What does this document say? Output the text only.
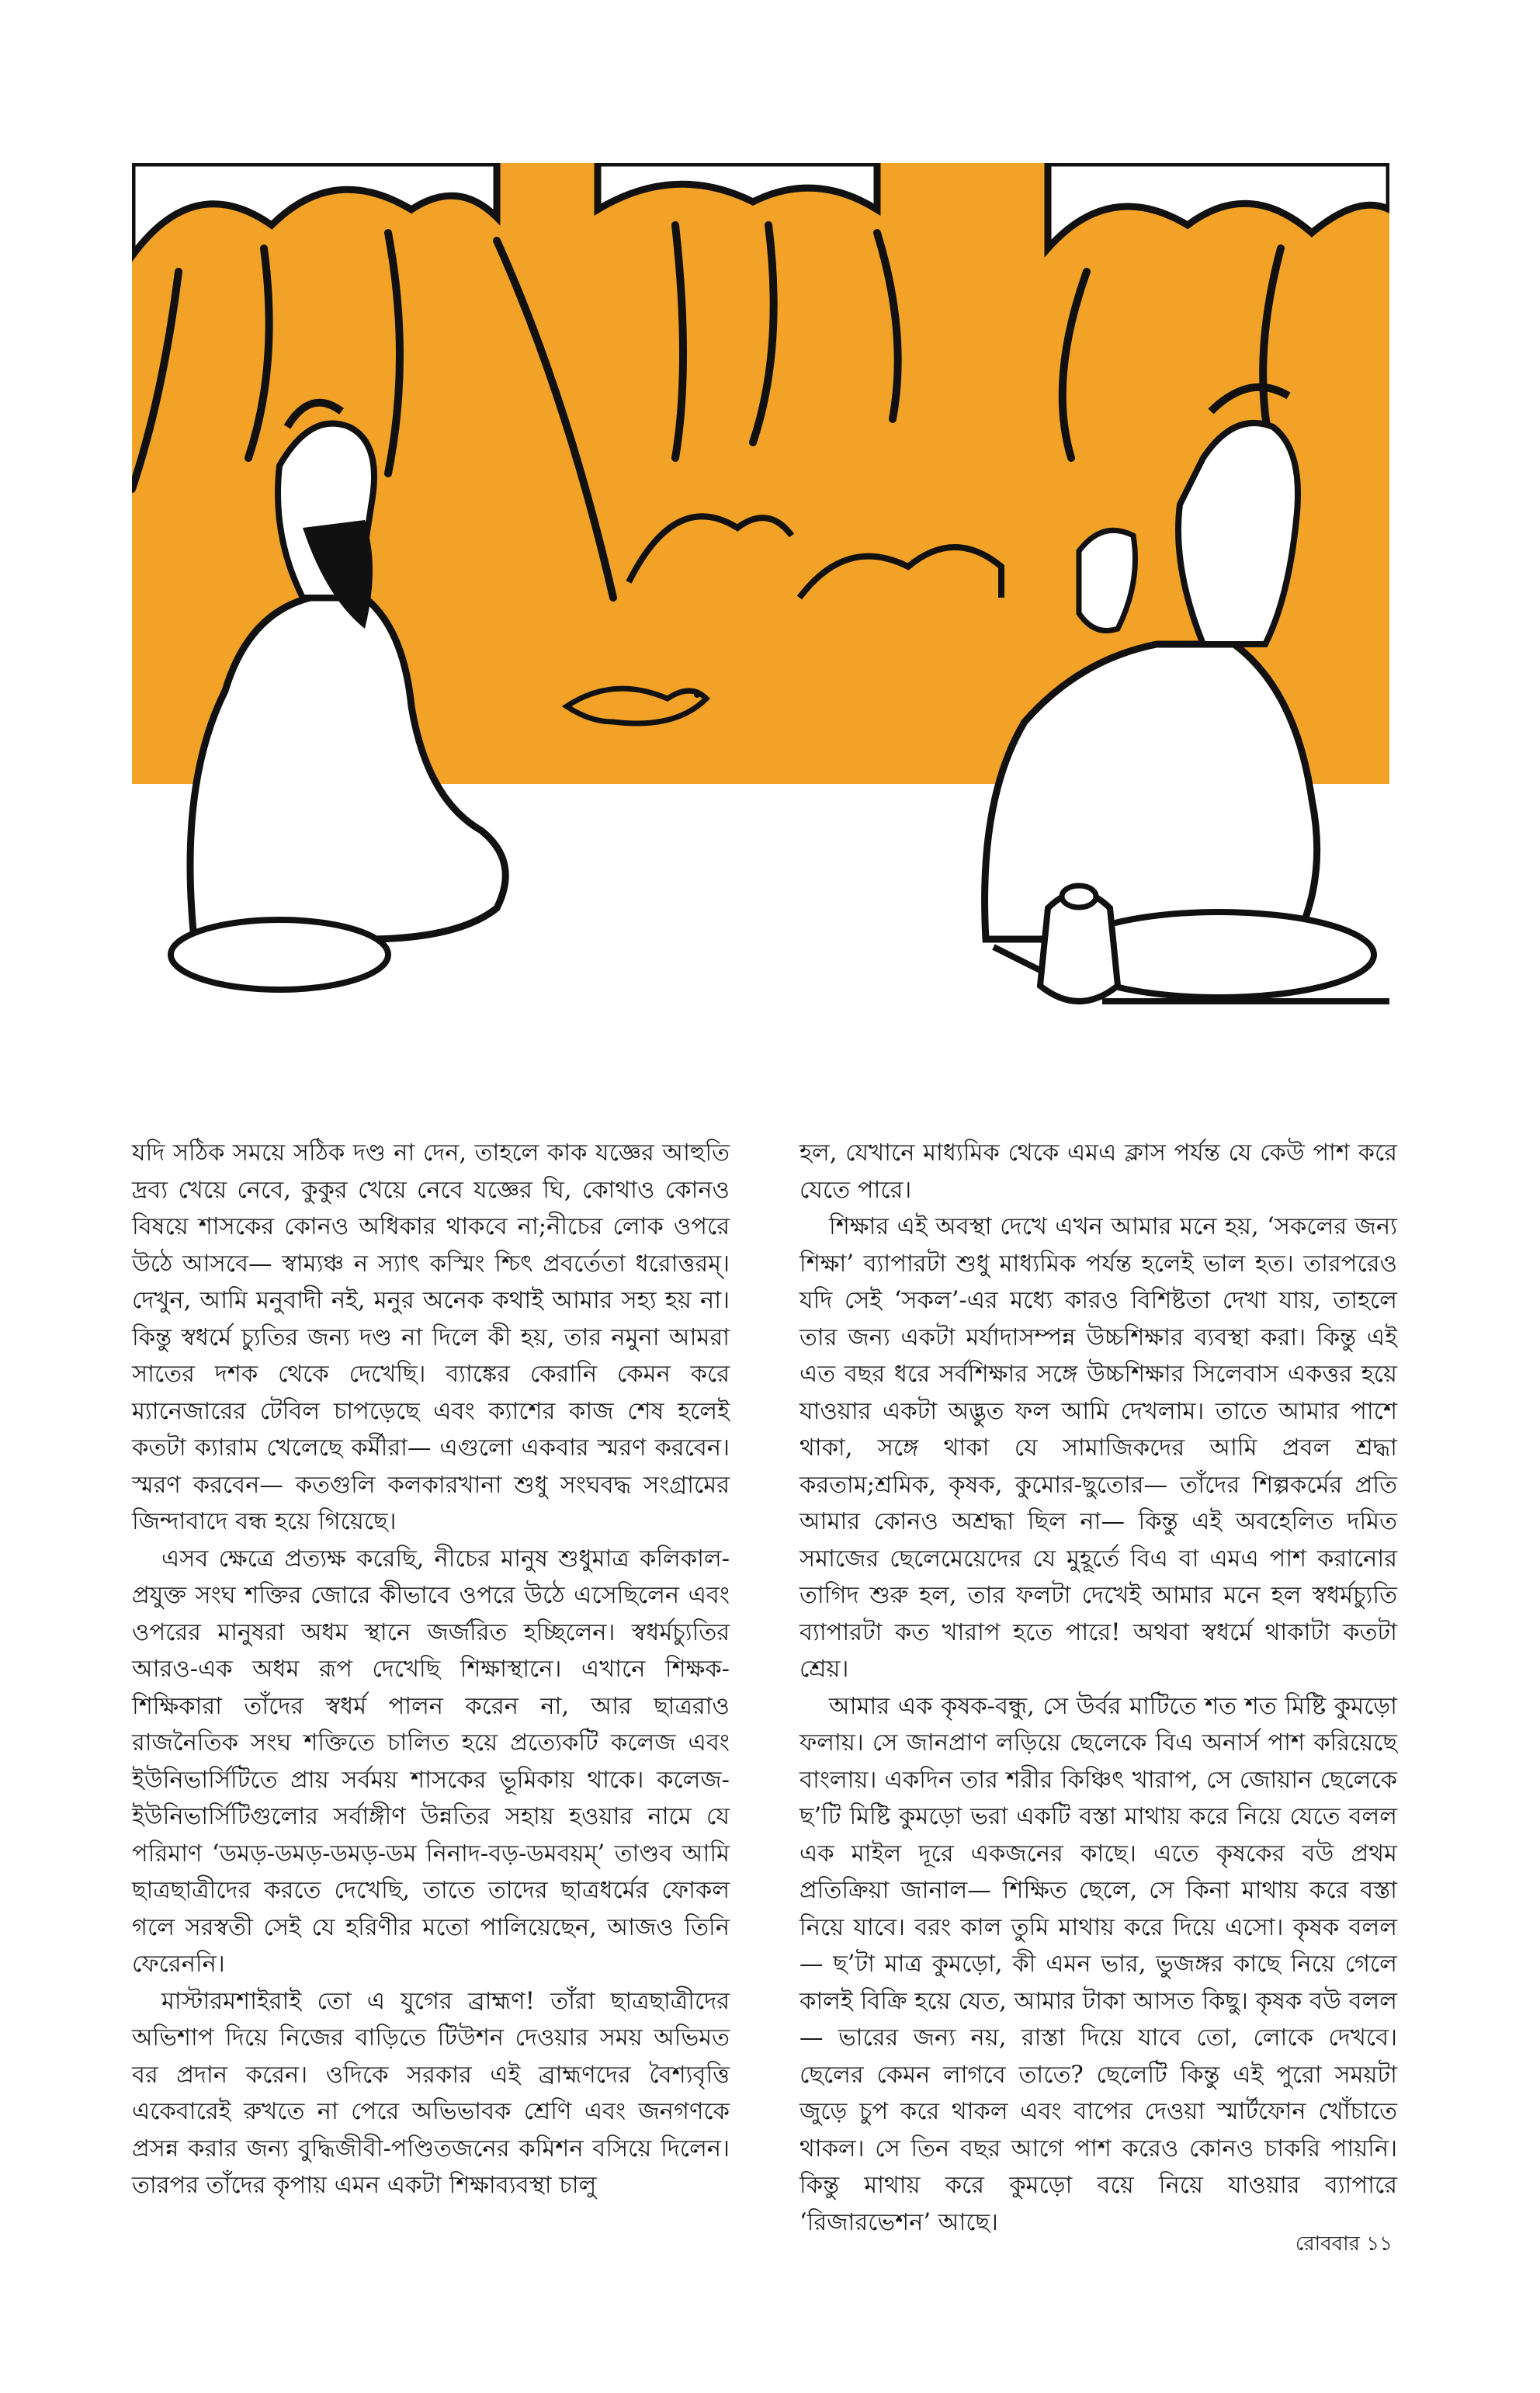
যদি সঠিক সময়ে সঠিক দণ্ড না দেন, তাহলে কাক যজ্ঞের আহুতি দ্রব্য খেয়ে নেবে, কুকুর খেয়ে নেবে যজ্ঞের ঘি, কোথাও কোনও বিষয়ে শাসকের কোনও অধিকার থাকবে না;নীচের লোক ওপরে উঠে আসবে— স্বাম্যঞ্চ ন স্যাৎ কস্মিং শ্চিৎ প্রবর্তেতা ধরোত্তরম্। দেখুন, আমি মনুবাদী নই, মনুর অনেক কথাই আমার সহ্য হয় না। কিন্তু স্বধর্মে চ্যুতির জন্য দণ্ড না দিলে কী হয়, তার নমুনা আমরা সাতের দশক থেকে দেখেছি। ব্যাঙ্কের কেরানি কেমন করে ম্যানেজারের টেবিল চাপড়েছে এবং ক্যাশের কাজ শেষ হলেই কতটা ক্যারাম খেলেছে কর্মীরা— এগুলো একবার স্মরণ করবেন। স্মরণ করবেন— কতগুলি কলকারখানা শুধু সংঘবদ্ধ সংগ্রামের জিন্দাবাদে বন্ধ হয়ে গিয়েছে।

এসব ক্ষেত্রে প্রত্যক্ষ করেছি, নীচের মানুষ শুধুমাত্র কলিকাল-প্রযুক্ত সংঘ শক্তির জোরে কীভাবে ওপরে উঠে এসেছিলেন এবং ওপরের মানুষরা অধম স্থানে জর্জরিত হচ্ছিলেন। স্বধর্মচ্যুতির আরও-এক অধম রূপ দেখেছি শিক্ষাস্থানে। এখানে শিক্ষক-শিক্ষিকারা তাঁদের স্বধর্ম পালন করেন না, আর ছাত্ররাও রাজনৈতিক সংঘ শক্তিতে চালিত হয়ে প্রত্যেকটি কলেজ এবং ইউনিভার্সিটিতে প্রায় সর্বময় শাসকের ভূমিকায় থাকে। কলেজ-ইউনিভার্সিটিগুলোর সর্বাঙ্গীণ উন্নতির সহায় হওয়ার নামে যে পরিমাণ ‘ডমড়-ডমড়-ডমড়-ডম নিনাদ-বড়-ডমবয়ম্’ তাণ্ডব আমি ছাত্রছাত্রীদের করতে দেখেছি, তাতে তাদের ছাত্রধর্মের ফোকল গলে সরস্বতী সেই যে হরিণীর মতো পালিয়েছেন, আজও তিনি ফেরেননি।

মাস্টারমশাইরাই তো এ যুগের ব্রাহ্মণ! তাঁরা ছাত্রছাত্রীদের অভিশাপ দিয়ে নিজের বাড়িতে টিউশন দেওয়ার সময় অভিমত বর প্রদান করেন। ওদিকে সরকার এই ব্রাহ্মণদের বৈশ্যবৃত্তি একেবারেই রুখতে না পেরে অভিভাবক শ্রেণি এবং জনগণকে প্রসন্ন করার জন্য বুদ্ধিজীবী-পণ্ডিতজনের কমিশন বসিয়ে দিলেন। তারপর তাঁদের কৃপায় এমন একটা শিক্ষাব্যবস্থা চালু

হল, যেখানে মাধ্যমিক থেকে এমএ ক্লাস পর্যন্ত যে কেউ পাশ করে যেতে পারে।

শিক্ষার এই অবস্থা দেখে এখন আমার মনে হয়, ‘সকলের জন্য শিক্ষা’ ব্যাপারটা শুধু মাধ্যমিক পর্যন্ত হলেই ভাল হত। তারপরেও যদি সেই ‘সকল’-এর মধ্যে কারও বিশিষ্টতা দেখা যায়, তাহলে তার জন্য একটা মর্যাদাসম্পন্ন উচ্চশিক্ষার ব্যবস্থা করা। কিন্তু এই এত বছর ধরে সর্বশিক্ষার সঙ্গে উচ্চশিক্ষার সিলেবাস একত্তর হয়ে যাওয়ার একটা অদ্ভুত ফল আমি দেখলাম। তাতে আমার পাশে থাকা, সঙ্গে থাকা যে সামাজিকদের আমি প্রবল শ্রদ্ধা করতাম;শ্রমিক, কৃষক, কুমোর-ছুতোর— তাঁদের শিল্পকর্মের প্রতি আমার কোনও অশ্রদ্ধা ছিল না— কিন্তু এই অবহেলিত দমিত সমাজের ছেলেমেয়েদের যে মুহূর্তে বিএ বা এমএ পাশ করানোর তাগিদ শুরু হল, তার ফলটা দেখেই আমার মনে হল স্বধর্মচ্যুতি ব্যাপারটা কত খারাপ হতে পারে! অথবা স্বধর্মে থাকাটা কতটা শ্রেয়।

আমার এক কৃষক-বন্ধু, সে উর্বর মাটিতে শত শত মিষ্টি কুমড়ো ফলায়। সে জানপ্রাণ লড়িয়ে ছেলেকে বিএ অনার্স পাশ করিয়েছে বাংলায়। একদিন তার শরীর কিঞ্চিৎ খারাপ, সে জোয়ান ছেলেকে ছ’টি মিষ্টি কুমড়ো ভরা একটি বস্তা মাথায় করে নিয়ে যেতে বলল এক মাইল দূরে একজনের কাছে। এতে কৃষকের বউ প্রথম প্রতিক্রিয়া জানাল— শিক্ষিত ছেলে, সে কিনা মাথায় করে বস্তা নিয়ে যাবে। বরং কাল তুমি মাথায় করে দিয়ে এসো। কৃষক বলল— ছ’টা মাত্র কুমড়ো, কী এমন ভার, ভুজঙ্গর কাছে নিয়ে গেলে কালই বিক্রি হয়ে যেত, আমার টাকা আসত কিছু। কৃষক বউ বলল— ভারের জন্য নয়, রাস্তা দিয়ে যাবে তো, লোকে দেখবে। ছেলের কেমন লাগবে তাতে? ছেলেটি কিন্তু এই পুরো সময়টা জুড়ে চুপ করে থাকল এবং বাপের দেওয়া স্মার্টফোন খোঁচাতে থাকল। সে তিন বছর আগে পাশ করেও কোনও চাকরি পায়নি। কিন্তু মাথায় করে কুমড়ো বয়ে নিয়ে যাওয়ার ব্যাপারে ‘রিজারভেশন’ আছে।

রোববার ১১
